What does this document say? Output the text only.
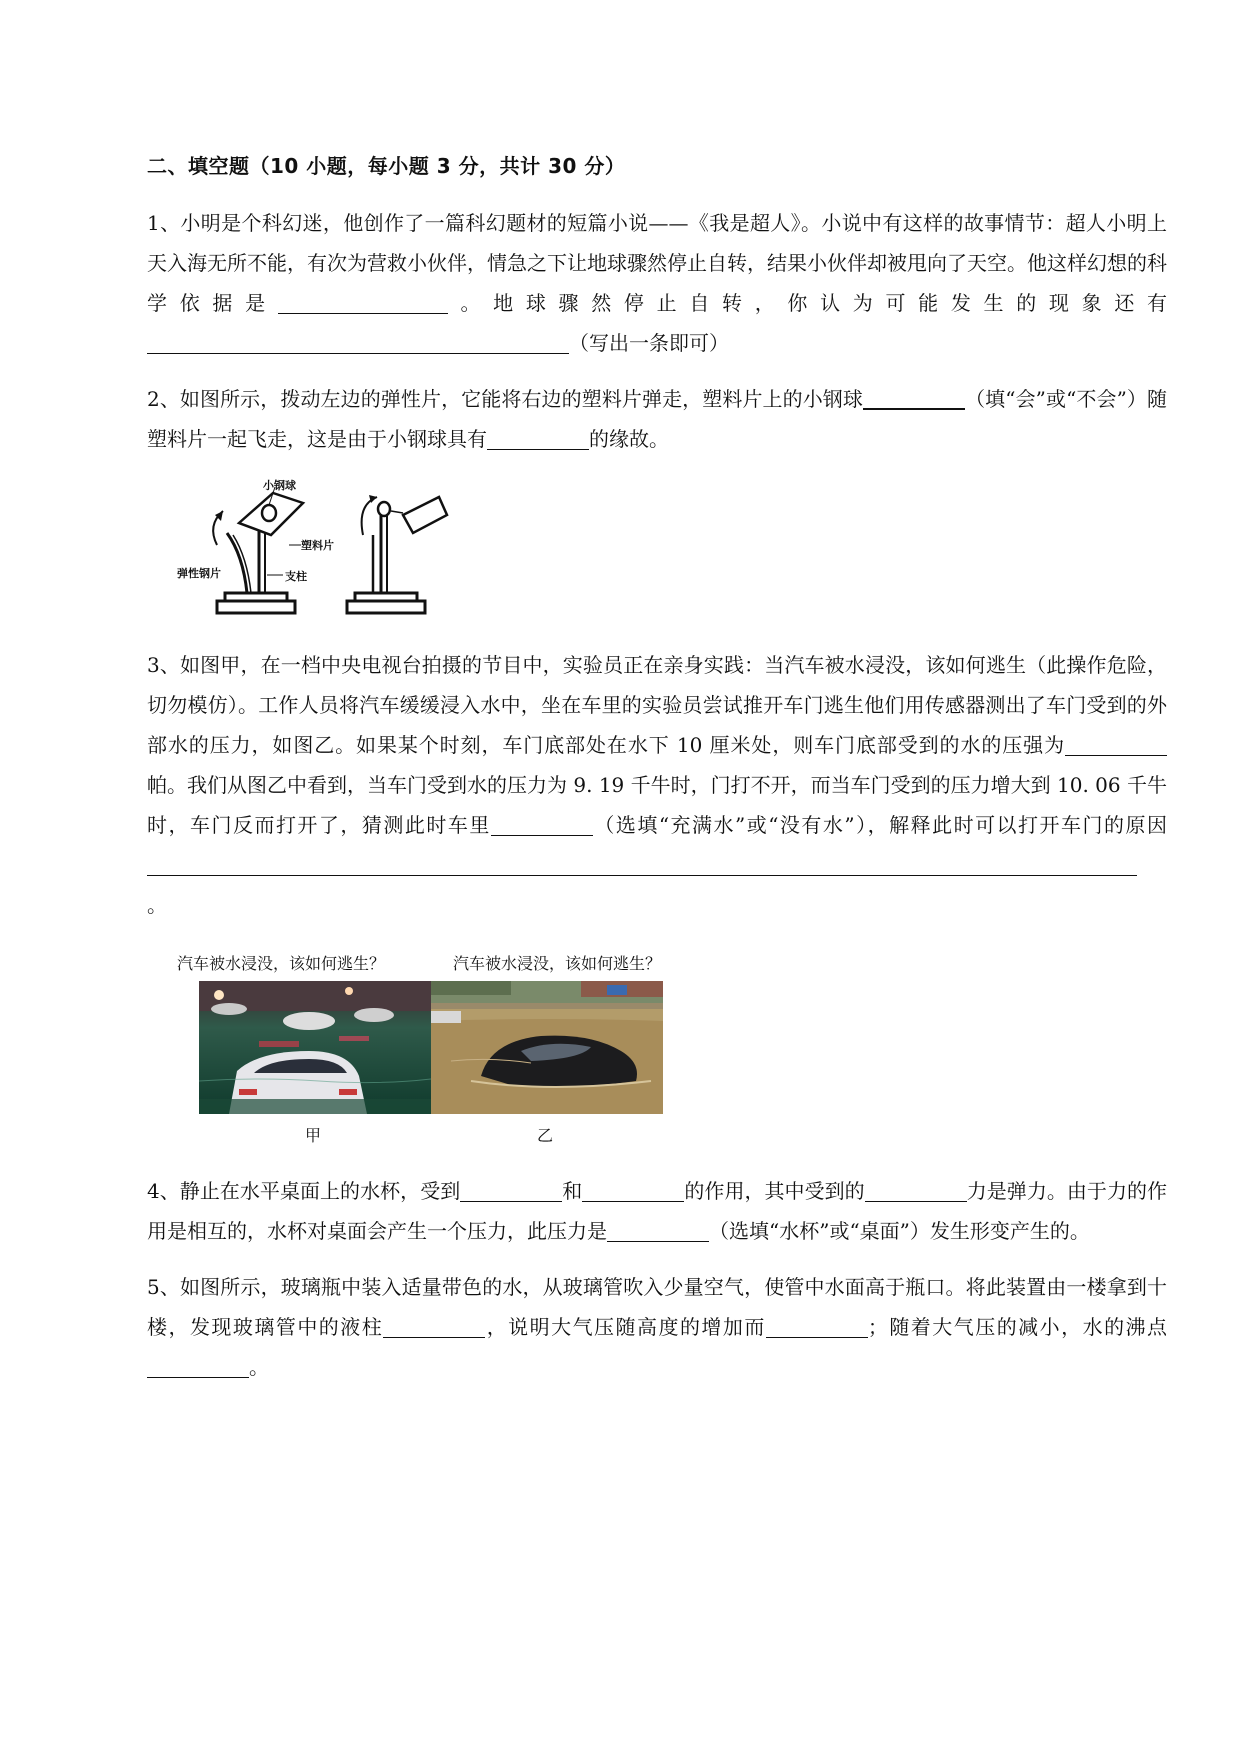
二、填空题（10 小题，每小题 3 分，共计 30 分）
1、小明是个科幻迷，他创作了一篇科幻题材的短篇小说——《我是超人》。小说中有这样的故事情节：超人小明上天入海无所不能，有次为营救小伙伴，情急之下让地球骤然停止自转，结果小伙伴却被甩向了天空。他这样幻想的科学依据是	。地球骤然停止自转，你认为可能发生的现象还有（写出一条即可）
2、如图所示，拨动左边的弹性片，它能将右边的塑料片弹走，塑料片上的小钢球	（填“会”或“不会”）随塑料片一起飞走，这是由于小钢球具有	的缘故。
小钢球
塑料片
弹性钢片	支柱
3、如图甲，在一档中央电视台拍摄的节目中，实验员正在亲身实践：当汽车被水浸没，该如何逃生（此操作危险，切勿模仿）。工作人员将汽车缓缓浸入水中，坐在车里的实验员尝试推开车门逃生他们用传感器测出了车门受到的外部水的压力，如图乙。如果某个时刻，车门底部处在水下 10 厘米处，则车门底部受到的水的压强为帕。我们从图乙中看到，当车门受到水的压力为 9. 19 千牛时，门打不开，而当车门受到的压力增大到 10. 06 千牛时，车门反而打开了，猜测此时车里	（选填“充满水”或“没有水”），解释此时可以打开车门的原因
。
汽车被水浸没，该如何逃生？	汽车被水浸没，该如何逃生？
甲	乙
4、静止在水平桌面上的水杯，受到	和	的作用，其中受到的	力是弹力。由于力的作用是相互的，水杯对桌面会产生一个压力，此压力是	（选填“水杯”或“桌面”）发生形变产生的。
5、如图所示，玻璃瓶中装入适量带色的水，从玻璃管吹入少量空气，使管中水面高于瓶口。将此装置由一楼拿到十楼，发现玻璃管中的液柱	，说明大气压随高度的增加而	；随着大气压的减小，水的沸点。
